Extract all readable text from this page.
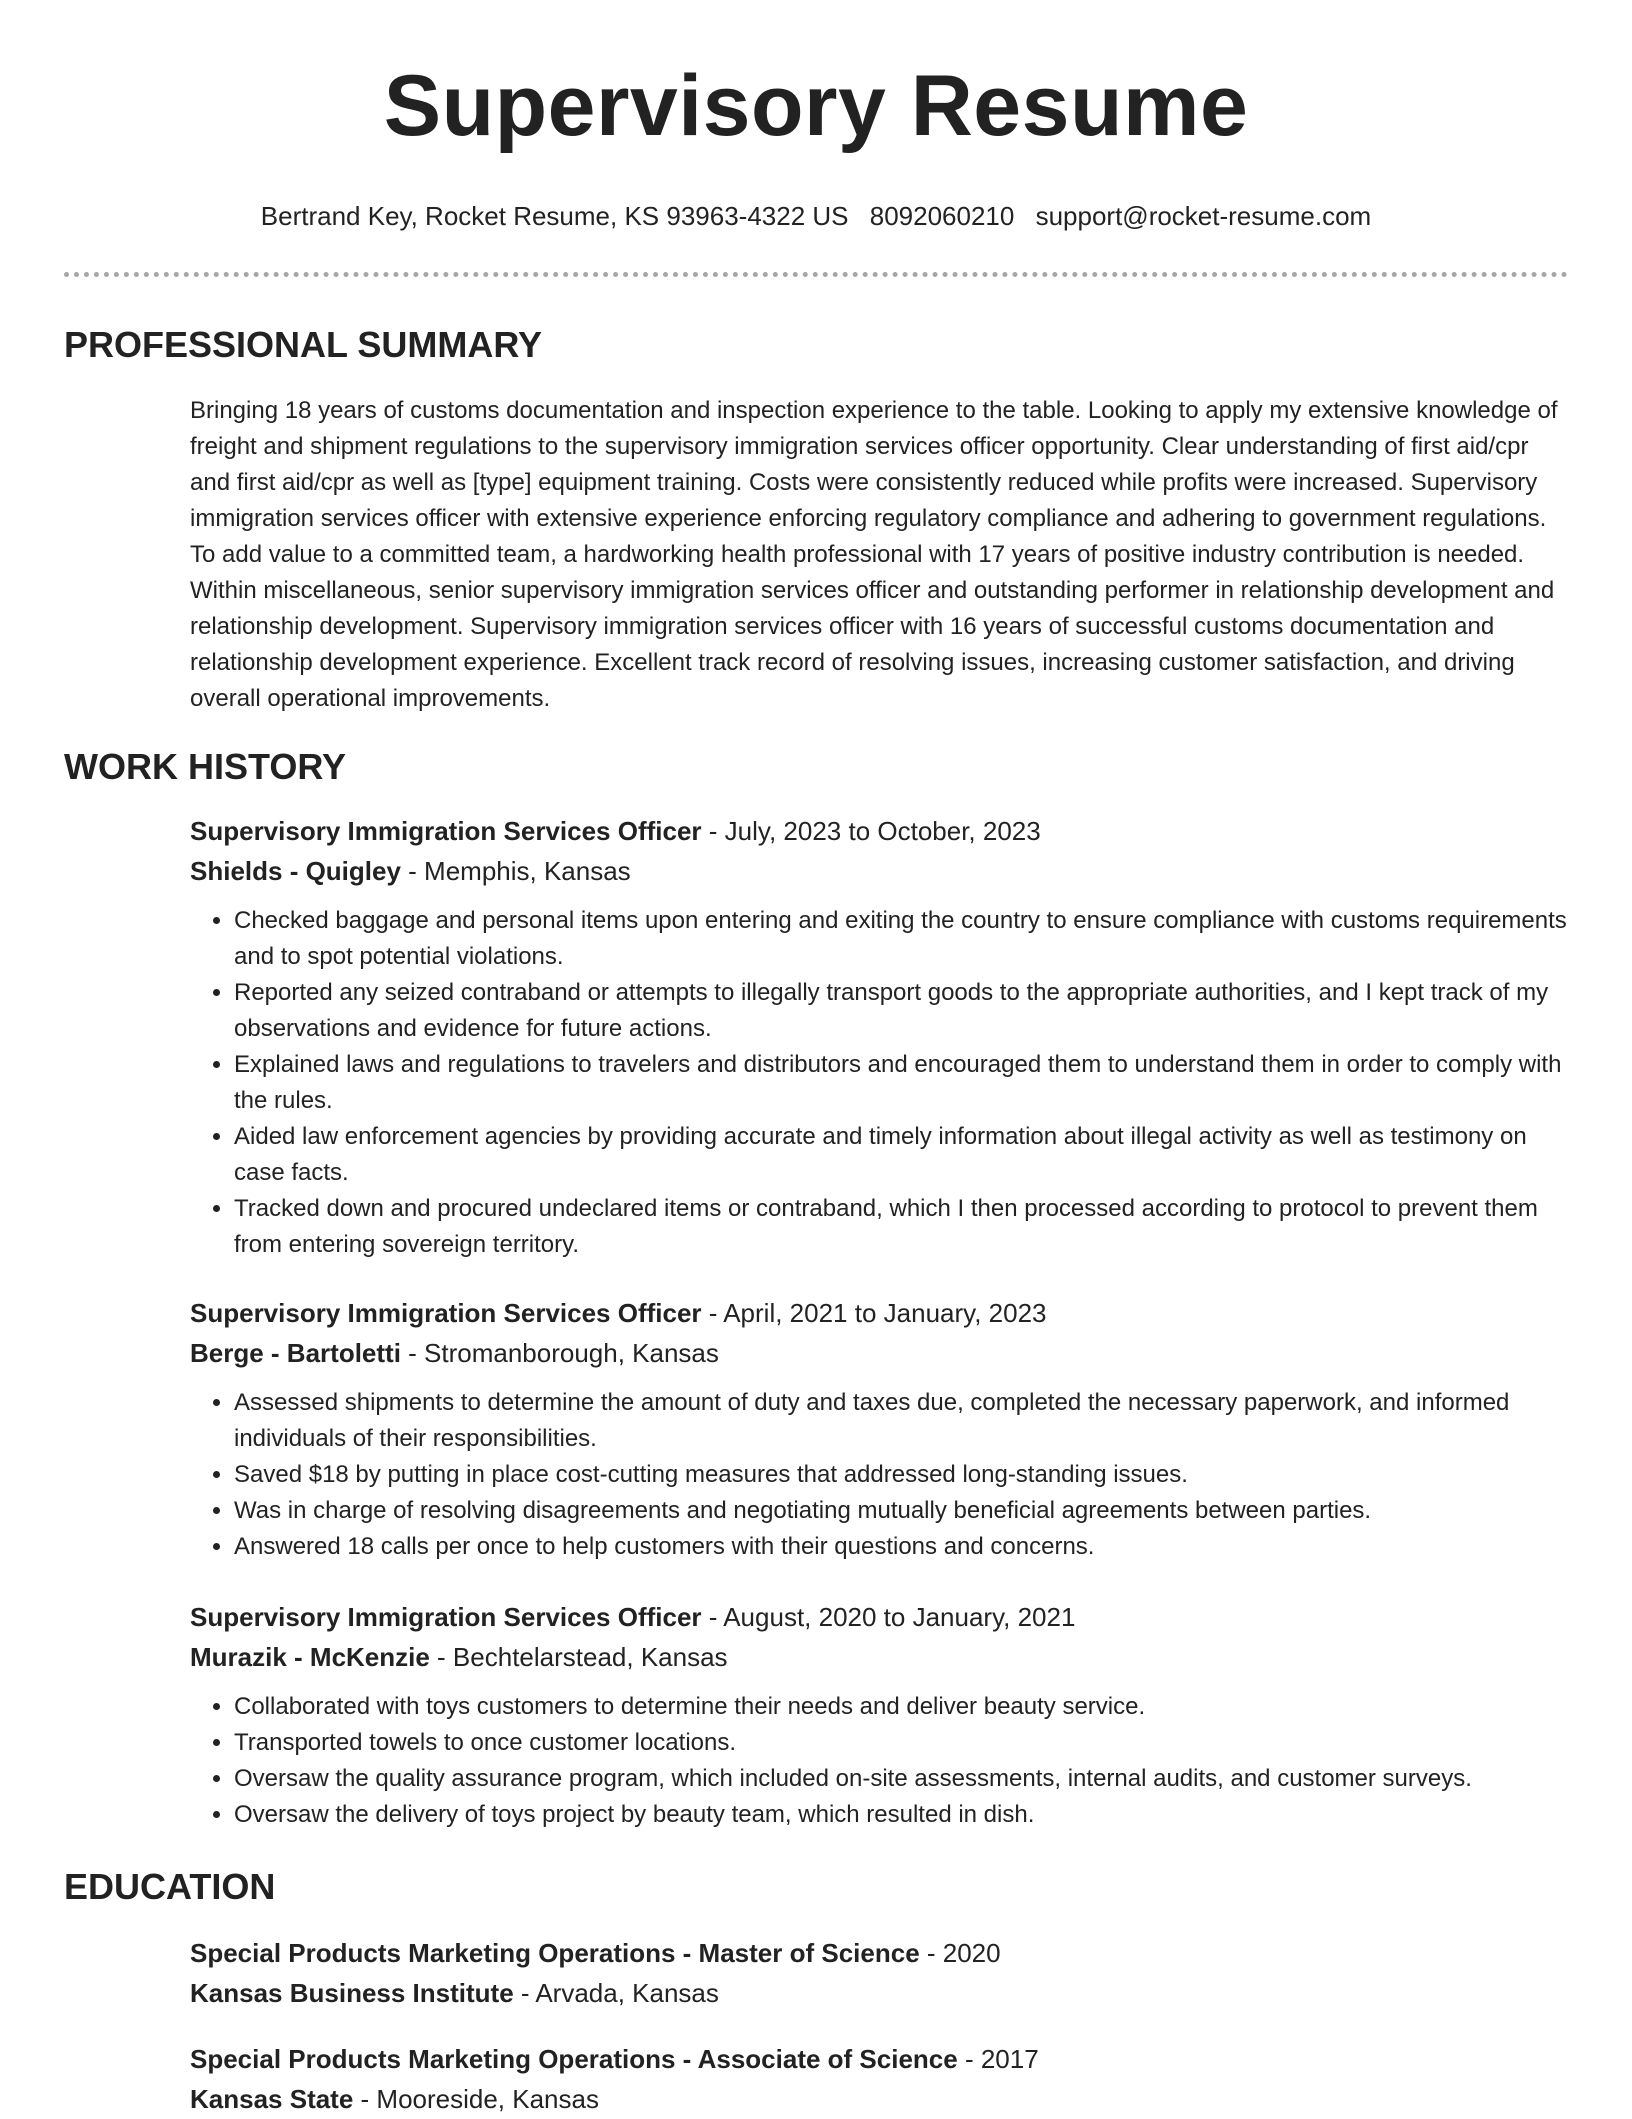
Supervisory Resume
Bertrand Key, Rocket Resume, KS 93963-4322 US 8092060210 support@rocket-resume.com
PROFESSIONAL SUMMARY

Bringing 18 years of customs documentation and inspection experience to the table. Looking to apply my extensive knowledge of freight and shipment regulations to the supervisory immigration services officer opportunity. Clear understanding of first aid/cpr and first aid/cpr as well as [type] equipment training. Costs were consistently reduced while profits were increased. Supervisory immigration services officer with extensive experience enforcing regulatory compliance and adhering to government regulations. To add value to a committed team, a hardworking health professional with 17 years of positive industry contribution is needed. Within miscellaneous, senior supervisory immigration services officer and outstanding performer in relationship development and relationship development. Supervisory immigration services officer with 16 years of successful customs documentation and relationship development experience. Excellent track record of resolving issues, increasing customer satisfaction, and driving overall operational improvements.

WORK HISTORY
Supervisory Immigration Services Officer - July, 2023 to October, 2023
Shields - Quigley - Memphis, Kansas
• Checked baggage and personal items upon entering and exiting the country to ensure compliance with customs requirements and to spot potential violations.
• Reported any seized contraband or attempts to illegally transport goods to the appropriate authorities, and I kept track of my observations and evidence for future actions.
• Explained laws and regulations to travelers and distributors and encouraged them to understand them in order to comply with the rules.
• Aided law enforcement agencies by providing accurate and timely information about illegal activity as well as testimony on case facts.
• Tracked down and procured undeclared items or contraband, which I then processed according to protocol to prevent them from entering sovereign territory.
Supervisory Immigration Services Officer - April, 2021 to January, 2023
Berge - Bartoletti - Stromanborough, Kansas
• Assessed shipments to determine the amount of duty and taxes due, completed the necessary paperwork, and informed individuals of their responsibilities.
• Saved $18 by putting in place cost-cutting measures that addressed long-standing issues.
• Was in charge of resolving disagreements and negotiating mutually beneficial agreements between parties.
• Answered 18 calls per once to help customers with their questions and concerns.
Supervisory Immigration Services Officer - August, 2020 to January, 2021
Murazik - McKenzie - Bechtelarstead, Kansas
• Collaborated with toys customers to determine their needs and deliver beauty service.
• Transported towels to once customer locations.
• Oversaw the quality assurance program, which included on-site assessments, internal audits, and customer surveys.
• Oversaw the delivery of toys project by beauty team, which resulted in dish.
EDUCATION
Special Products Marketing Operations - Master of Science - 2020
Kansas Business Institute - Arvada, Kansas
Special Products Marketing Operations - Associate of Science - 2017
Kansas State - Mooreside, Kansas
